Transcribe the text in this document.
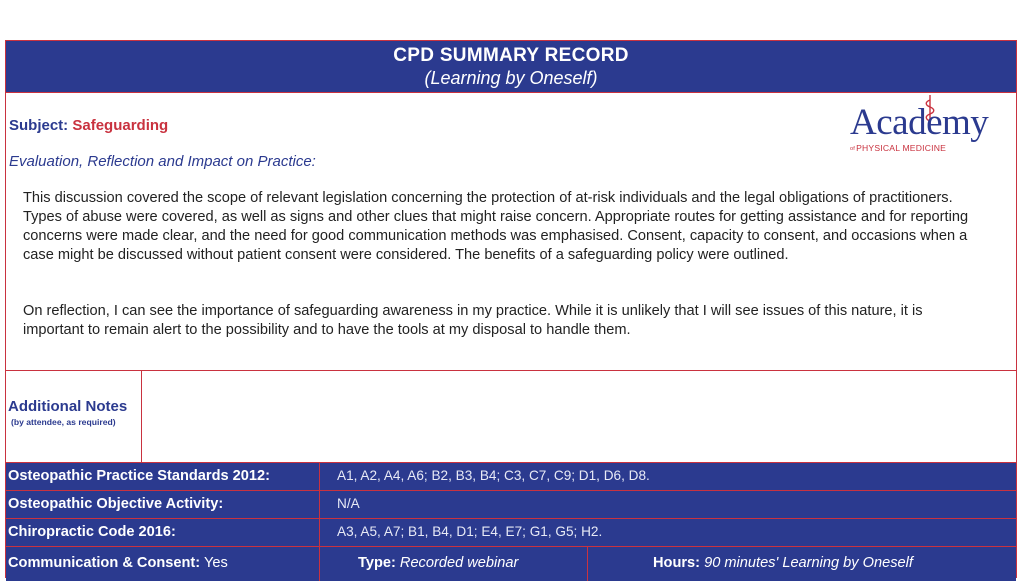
CPD SUMMARY RECORD
(Learning by Oneself)
Subject: Safeguarding	Academy
ofPHYSICAL MEDICINE
Evaluation, Reflection and Impact on Practice:
This discussion covered the scope of relevant legislation concerning the protection of at-risk individuals and the legal obligations of practitioners. Types of abuse were covered, as well as signs and other clues that might raise concern. Appropriate routes for getting assistance and for reporting concerns were made clear, and the need for good communication methods was emphasised. Consent, capacity to consent, and occasions when a case might be discussed without patient consent were considered. The benefits of a safeguarding policy were outlined.
On reflection, I can see the importance of safeguarding awareness in my practice. While it is unlikely that I will see issues of this nature, it is important to remain alert to the possibility and to have the tools at my disposal to handle them.
Additional Notes
(by attendee, as required)
Osteopathic Practice Standards 2012:	A1, A2, A4, A6; B2, B3, B4; C3, C7, C9; D1, D6, D8.
Osteopathic Objective Activity:	N/A
Chiropractic Code 2016:	A3, A5, A7; B1, B4, D1; E4, E7; G1, G5; H2.
Communication & Consent: Yes	Type: Recorded webinar	Hours: 90 minutes' Learning by Oneself
